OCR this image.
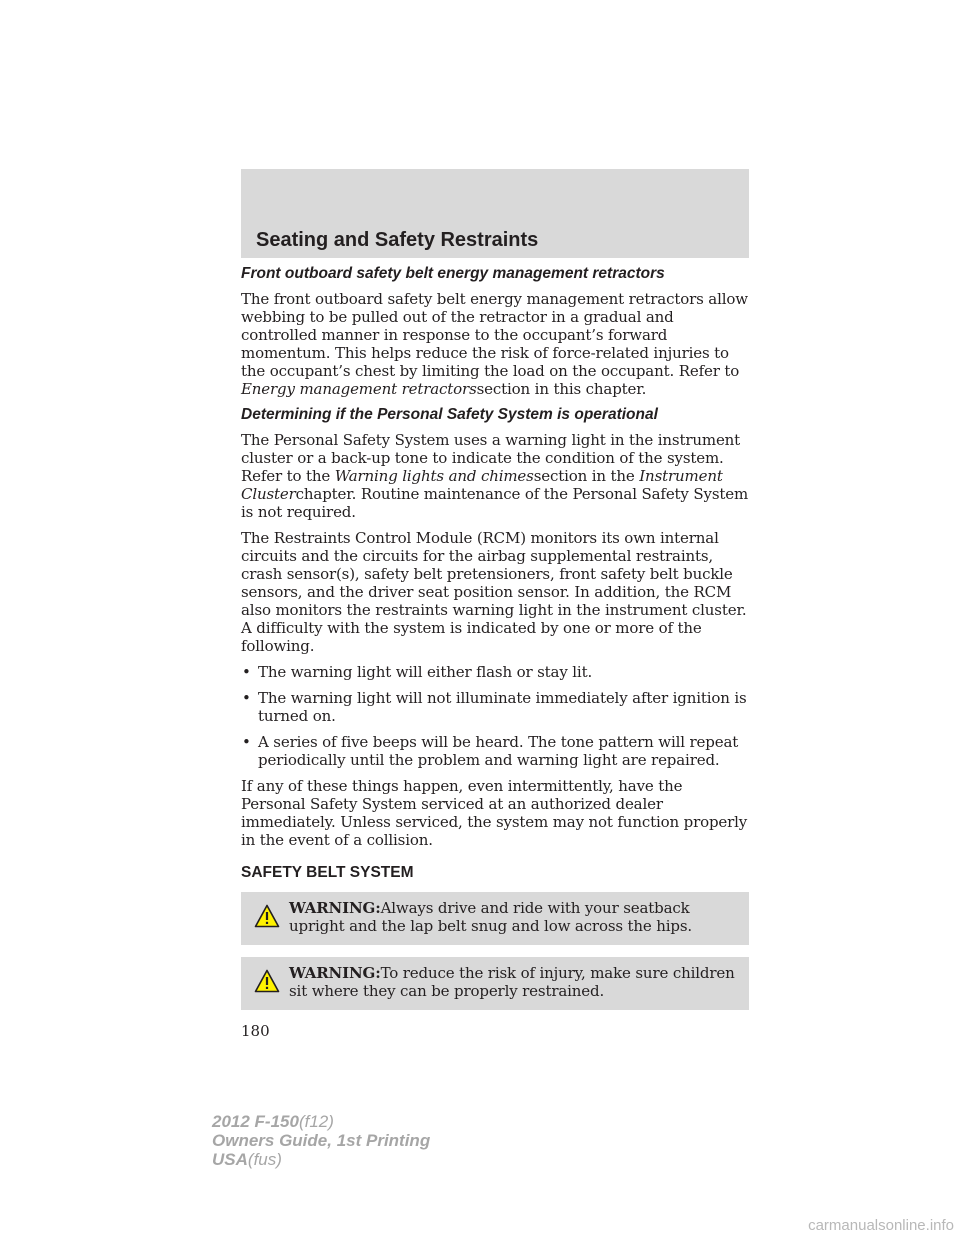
Seating and Safety Restraints
Front outboard safety belt energy management retractors

The front outboard safety belt energy management retractors allow webbing to be pulled out of the retractor in a gradual and controlled manner in response to the occupant’s forward momentum. This helps reduce the risk of force-related injuries to the occupant’s chest by limiting the load on the occupant. Refer to Energy management retractorssection in this chapter.

Determining if the Personal Safety System is operational

The Personal Safety System uses a warning light in the instrument cluster or a back-up tone to indicate the condition of the system. Refer to the Warning lights and chimessection in the Instrument Clusterchapter. Routine maintenance of the Personal Safety System is not required.

The Restraints Control Module (RCM) monitors its own internal circuits and the circuits for the airbag supplemental restraints, crash sensor(s), safety belt pretensioners, front safety belt buckle sensors, and the driver seat position sensor. In addition, the RCM also monitors the restraints warning light in the instrument cluster. A difficulty with the system is indicated by one or more of the following.

• The warning light will either flash or stay lit.
• The warning light will not illuminate immediately after ignition is turned on.
• A series of five beeps will be heard. The tone pattern will repeat periodically until the problem and warning light are repaired.

If any of these things happen, even intermittently, have the Personal Safety System serviced at an authorized dealer immediately. Unless serviced, the system may not function properly in the event of a collision.

SAFETY BELT SYSTEM
WARNING:Always drive and ride with your seatback upright and the lap belt snug and low across the hips.
WARNING:To reduce the risk of injury, make sure children sit where they can be properly restrained.
180
2012 F-150(f12)
Owners Guide, 1st Printing
USA(fus)
carmanualsonline.info
